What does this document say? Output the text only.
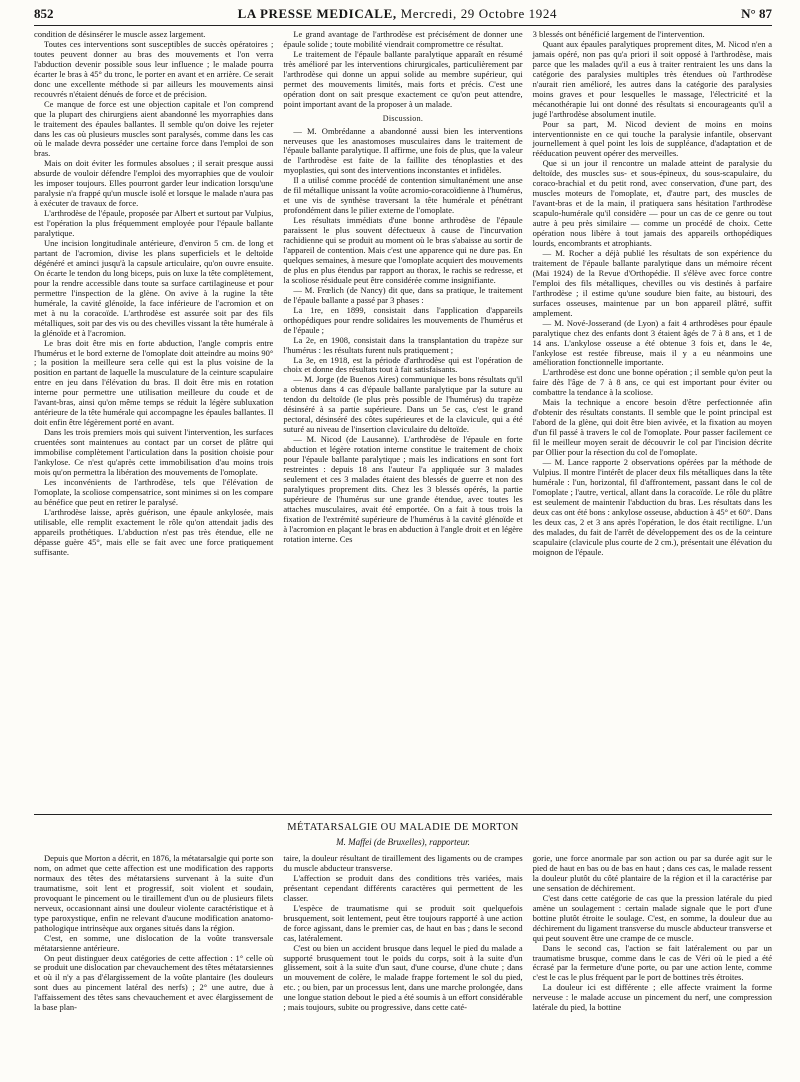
852	LA PRESSE MEDICALE, Mercredi, 29 Octobre 1924	N° 87

condition de désinsérer le muscle assez largement.

Toutes ces interventions sont susceptibles de succès opératoires ; toutes peuvent donner au bras des mouvements et l'on verra l'abduction devenir possible sous leur influence ; le malade pourra écarter le bras à 45° du tronc, le porter en avant et en arrière. Ce serait donc une excellente méthode si par ailleurs les mouvements ainsi recouvrés n'étaient dénués de force et de précision.

Ce manque de force est une objection capitale et l'on comprend que la plupart des chirurgiens aient abandonné les myorraphies dans le traitement des épaules ballantes. Il semble qu'on doive les rejeter dans les cas où plusieurs muscles sont paralysés, comme dans les cas où le malade devra posséder une certaine force dans l'emploi de son bras.

Mais on doit éviter les formules absolues ; il serait presque aussi absurde de vouloir défendre l'emploi des myorraphies que de vouloir les imposer toujours. Elles pourront garder leur indication lorsqu'une paralysie n'a frappé qu'un muscle isolé et lorsque le malade n'aura pas à exécuter de travaux de force.

L'arthrodèse de l'épaule, proposée par Albert et surtout par Vulpius, est l'opération la plus fréquemment employée pour l'épaule ballante paralytique.

Une incision longitudinale antérieure, d'environ 5 cm. de long et partant de l'acromion, divise les plans superficiels et le deltoïde dégénéré et aminci jusqu'à la capsule articulaire, qu'on ouvre ensuite. On écarte le tendon du long biceps, puis on luxe la tête complètement, pour la rendre accessible dans toute sa surface cartilagineuse et pour permettre l'inspection de la glène. On avive à la rugine la tête humérale, la cavité glénoïde, la face inférieure de l'acromion et on met à nu la coracoïde. L'arthrodèse est assurée soit par des fils métalliques, soit par des vis ou des chevilles vissant la tête humérale à la glénoïde et à l'acromion.

Le bras doit être mis en forte abduction, l'angle compris entre l'humérus et le bord externe de l'omoplate doit atteindre au moins 90° ; la position la meilleure sera celle qui est la plus voisine de la position en partant de laquelle la musculature de la ceinture scapulaire entre en jeu dans l'élévation du bras. Il doit être mis en rotation interne pour permettre une utilisation meilleure du coude et de l'avant-bras, ainsi qu'on même temps se réduit la légère subluxation antérieure de la tête humérale qui accompagne les épaules ballantes. Il doit enfin être légèrement porté en avant.

Dans les trois premiers mois qui suivent l'intervention, les surfaces cruentées sont maintenues au contact par un corset de plâtre qui immobilise complètement l'articulation dans la position choisie pour l'ankylose. Ce n'est qu'après cette immobilisation d'au moins trois mois qu'on permettra la libération des mouvements de l'omoplate.

Les inconvénients de l'arthrodèse, tels que l'élévation de l'omoplate, la scoliose compensatrice, sont minimes si on les compare au bénéfice que peut en retirer le paralysé.

L'arthrodèse laisse, après guérison, une épaule ankylosée, mais utilisable, elle remplit exactement le rôle qu'on attendait jadis des appareils prothétiques. L'abduction n'est pas très étendue, elle ne dépasse guère 45°, mais elle se fait avec une force pratiquement suffisante.

Le grand avantage de l'arthrodèse est précisément de donner une épaule solide ; toute mobilité viendrait compromettre ce résultat.

Le traitement de l'épaule ballante paralytique apparaît en résumé très amélioré par les interventions chirurgicales, particulièrement par l'arthrodèse qui donne un appui solide au membre supérieur, qui permet des mouvements limités, mais forts et précis. C'est une opération dont on sait presque exactement ce qu'on peut attendre, point important avant de la proposer à un malade.

Discussion.

— M. Ombrédanne a abandonné aussi bien les interventions nerveuses que les anastomoses musculaires dans le traitement de l'épaule ballante paralytique. Il affirme, une fois de plus, que la valeur de l'arthrodèse est faite de la faillite des ténoplasties et des myoplasties, qui sont des interventions inconstantes et infidèles.

Il a utilisé comme procédé de contention simultanément une anse de fil métallique unissant la voûte acromio-coracoïdienne à l'humérus, et une vis de synthèse traversant la tête humérale et pénétrant profondément dans le pilier externe de l'omoplate.

Les résultats immédiats d'une bonne arthrodèse de l'épaule paraissent le plus souvent défectueux à cause de l'incurvation rachidienne qui se produit au moment où le bras s'abaisse au sortir de l'appareil de contention. Mais c'est une apparence qui ne dure pas. En quelques semaines, à mesure que l'omoplate acquiert des mouvements de plus en plus étendus par rapport au thorax, le rachis se redresse, et la scoliose résiduale peut être considérée comme insignifiante.

— M. Frœlich (de Nancy) dit que, dans sa pratique, le traitement de l'épaule ballante a passé par 3 phases :

La 1re, en 1899, consistait dans l'application d'appareils orthopédiques pour rendre solidaires les mouvements de l'humérus et de l'épaule ;

La 2e, en 1908, consistait dans la transplantation du trapèze sur l'humérus : les résultats furent nuls pratiquement ;

La 3e, en 1918, est la période d'arthrodèse qui est l'opération de choix et donne des résultats tout à fait satisfaisants.

— M. Jorge (de Buenos Aires) communique les bons résultats qu'il a obtenus dans 4 cas d'épaule ballante paralytique par la suture au tendon du deltoïde (le plus près possible de l'humérus) du trapèze désinséré à sa partie supérieure. Dans un 5e cas, c'est le grand pectoral, désinséré des côtes supérieures et de la clavicule, qui a été suturé au niveau de l'insertion claviculaire du deltoïde.

— M. Nicod (de Lausanne). L'arthrodèse de l'épaule en forte abduction et légère rotation interne constitue le traitement de choix pour l'épaule ballante paralytique ; mais les indications en sont fort restreintes : depuis 18 ans l'auteur l'a appliquée sur 3 malades seulement et ces 3 malades étaient des blessés de guerre et non des paralytiques proprement dits. Chez les 3 blessés opérés, la partie supérieure de l'humérus sur une grande étendue, avec toutes les attaches musculaires, avait été emportée. On a fait à tous trois la fixation de l'extrémité supérieure de l'humérus à la cavité glénoïde et à l'acromion en plaçant le bras en abduction à l'angle droit et en légère rotation interne. Ces

3 blessés ont bénéficié largement de l'intervention.

Quant aux épaules paralytiques proprement dites, M. Nicod n'en a jamais opéré, non pas qu'a priori il soit opposé à l'arthrodèse, mais parce que les malades qu'il a eus à traiter rentraient les uns dans la catégorie des paralysies multiples très étendues où l'arthrodèse n'aurait rien amélioré, les autres dans la catégorie des paralysies moins graves et pour lesquelles le massage, l'électricité et la mécanothérapie lui ont donné des résultats si encourageants qu'il a jugé l'arthrodèse absolument inutile.

Pour sa part, M. Nicod devient de moins en moins interventionniste en ce qui touche la paralysie infantile, observant journellement à quel point les lois de suppléance, d'adaptation et de rééducation peuvent opérer des merveilles.

Que si un jour il rencontre un malade atteint de paralysie du deltoïde, des muscles sus- et sous-épineux, du sous-scapulaire, du coraco-brachial et du petit rond, avec conservation, d'une part, des muscles moteurs de l'omoplate, et, d'autre part, des muscles de l'avant-bras et de la main, il pratiquera sans hésitation l'arthrodèse scapulo-humérale qu'il considère — pour un cas de ce genre ou tout autre à peu près similaire — comme un procédé de choix. Cette opération nous libère à tout jamais des appareils orthopédiques lourds, encombrants et atrophiants.

— M. Rocher a déjà publié les résultats de son expérience du traitement de l'épaule ballante paralytique dans un mémoire récent (Mai 1924) de la Revue d'Orthopédie. Il s'élève avec force contre l'emploi des fils métalliques, chevilles ou vis destinés à parfaire l'arthrodèse ; il estime qu'une soudure bien faite, au bistouri, des surfaces osseuses, maintenue par un bon appareil plâtré, suffit amplement.

— M. Nové-Josserand (de Lyon) a fait 4 arthrodèses pour épaule paralytique chez des enfants dont 3 étaient âgés de 7 à 8 ans, et 1 de 14 ans. L'ankylose osseuse a été obtenue 3 fois et, dans le 4e, l'ankylose est restée fibreuse, mais il y a eu néanmoins une amélioration fonctionnelle importante.

L'arthrodèse est donc une bonne opération ; il semble qu'on peut la faire dès l'âge de 7 à 8 ans, ce qui est important pour éviter ou combattre la tendance à la scoliose.

Mais la technique a encore besoin d'être perfectionnée afin d'obtenir des résultats constants. Il semble que le point principal est l'abord de la glène, qui doit être bien avivée, et la fixation au moyen d'un fil passé à travers le col de l'omoplate. Pour passer facilement ce fil le meilleur moyen serait de découvrir le col par l'incision décrite par Ollier pour la résection du col de l'omoplate.

— M. Lance rapporte 2 observations opérées par la méthode de Vulpius. Il montre l'intérêt de placer deux fils métalliques dans la tête humérale : l'un, horizontal, fil d'affrontement, passant dans le col de l'omoplate ; l'autre, vertical, allant dans la coracoïde. Le rôle du plâtre est seulement de maintenir l'abduction du bras. Les résultats dans les deux cas ont été bons : ankylose osseuse, abduction à 45° et 60°. Dans les deux cas, 2 et 3 ans après l'opération, le dos était rectiligne. L'un des malades, du fait de l'arrêt de développement des os de la ceinture scapulaire (clavicule plus courte de 2 cm.), présentait une élévation du moignon de l'épaule.

MÉTATARSALGIE OU MALADIE DE MORTON
M. Maffei (de Bruxelles), rapporteur.

Depuis que Morton a décrit, en 1876, la métatarsalgie qui porte son nom, on admet que cette affection est une modification des rapports normaux des têtes des métatarsiens survenant à la suite d'un traumatisme, soit lent et progressif, soit violent et soudain, provoquant le pincement ou le tiraillement d'un ou de plusieurs filets nerveux, occasionnant ainsi une douleur violente caractéristique et à type paroxystique, enfin ne relevant d'aucune modification anatomo-pathologique intrinsèque aux organes situés dans la région.

C'est, en somme, une dislocation de la voûte transversale métatarsienne antérieure.

On peut distinguer deux catégories de cette affection : 1° celle où se produit une dislocation par chevauchement des têtes métatarsiennes et où il n'y a pas d'élargissement de la voûte plantaire (les douleurs sont dues au pincement latéral des nerfs) ; 2° une autre, due à l'affaissement des têtes sans chevauchement et avec élargissement de la base plan-

taire, la douleur résultant de tiraillement des ligaments ou de crampes du muscle abducteur transverse.

L'affection se produit dans des conditions très variées, mais présentant cependant différents caractères qui permettent de les classer.

L'espèce de traumatisme qui se produit soit quelquefois brusquement, soit lentement, peut être toujours rapporté à une action de force agissant, dans le premier cas, de haut en bas ; dans le second cas, latéralement.

C'est ou bien un accident brusque dans lequel le pied du malade a supporté brusquement tout le poids du corps, soit à la suite d'un glissement, soit à la suite d'un saut, d'une course, d'une chute ; dans un mouvement de colère, le malade frappe fortement le sol du pied, etc. ; ou bien, par un processus lent, dans une marche prolongée, dans une longue station debout le pied a été soumis à un effort considérable ; mais toujours, subite ou progressive, dans cette caté-

gorie, une force anormale par son action ou par sa durée agit sur le pied de haut en bas ou de bas en haut ; dans ces cas, le malade ressent la douleur plutôt du côté plantaire de la région et il la caractérise par une sensation de déchirement.

C'est dans cette catégorie de cas que la pression latérale du pied amène un soulagement : certain malade signale que le port d'une bottine plutôt étroite le soulage. C'est, en somme, la douleur due au déchirement du ligament transverse du muscle abducteur transverse et qui peut souvent être une crampe de ce muscle.

Dans le second cas, l'action se fait latéralement ou par un traumatisme brusque, comme dans le cas de Véri où le pied a été écrasé par la fermeture d'une porte, ou par une action lente, comme c'est le cas le plus fréquent par le port de bottines très étroites.

La douleur ici est différente ; elle affecte vraiment la forme nerveuse : le malade accuse un pincement du nerf, une compression latérale du pied, la bottine
